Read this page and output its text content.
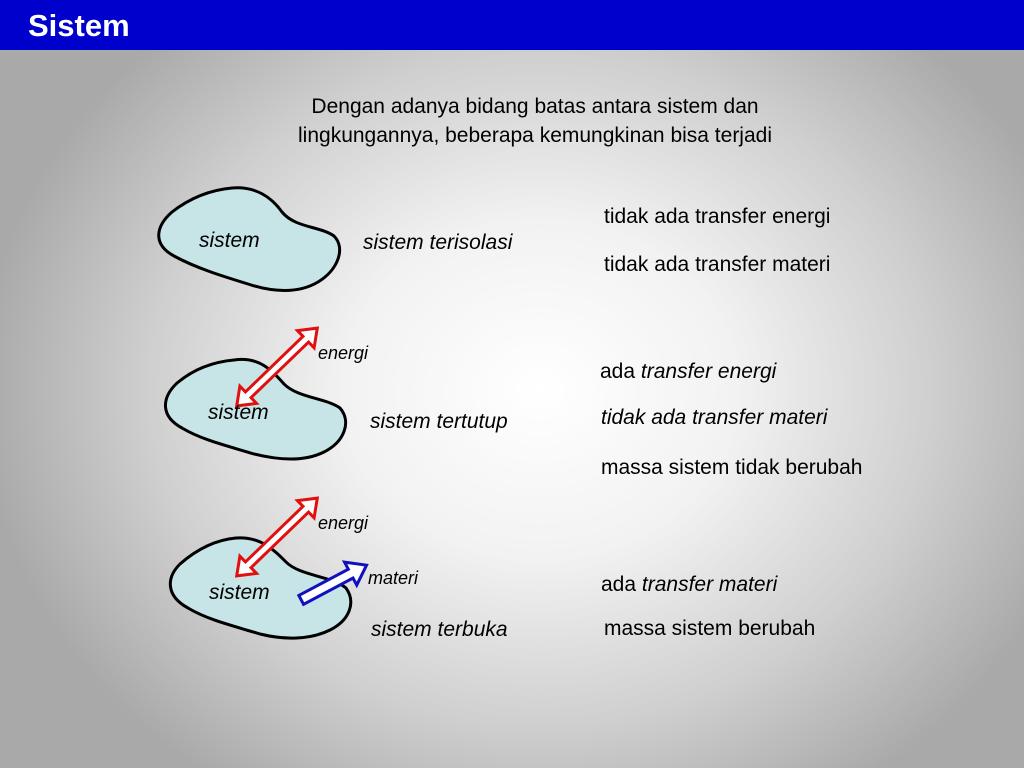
Sistem
Dengan adanya bidang batas antara sistem dan
lingkungannya, beberapa kemungkinan bisa terjadi
sistem	sistem terisolasi
tidak ada transfer energi
tidak ada transfer materi
energi
sistem	sistem tertutup
ada transfer energi
tidak ada transfer materi
massa sistem tidak berubah
energi
materi
sistem
sistem terbuka
ada transfer materi
massa sistem berubah
